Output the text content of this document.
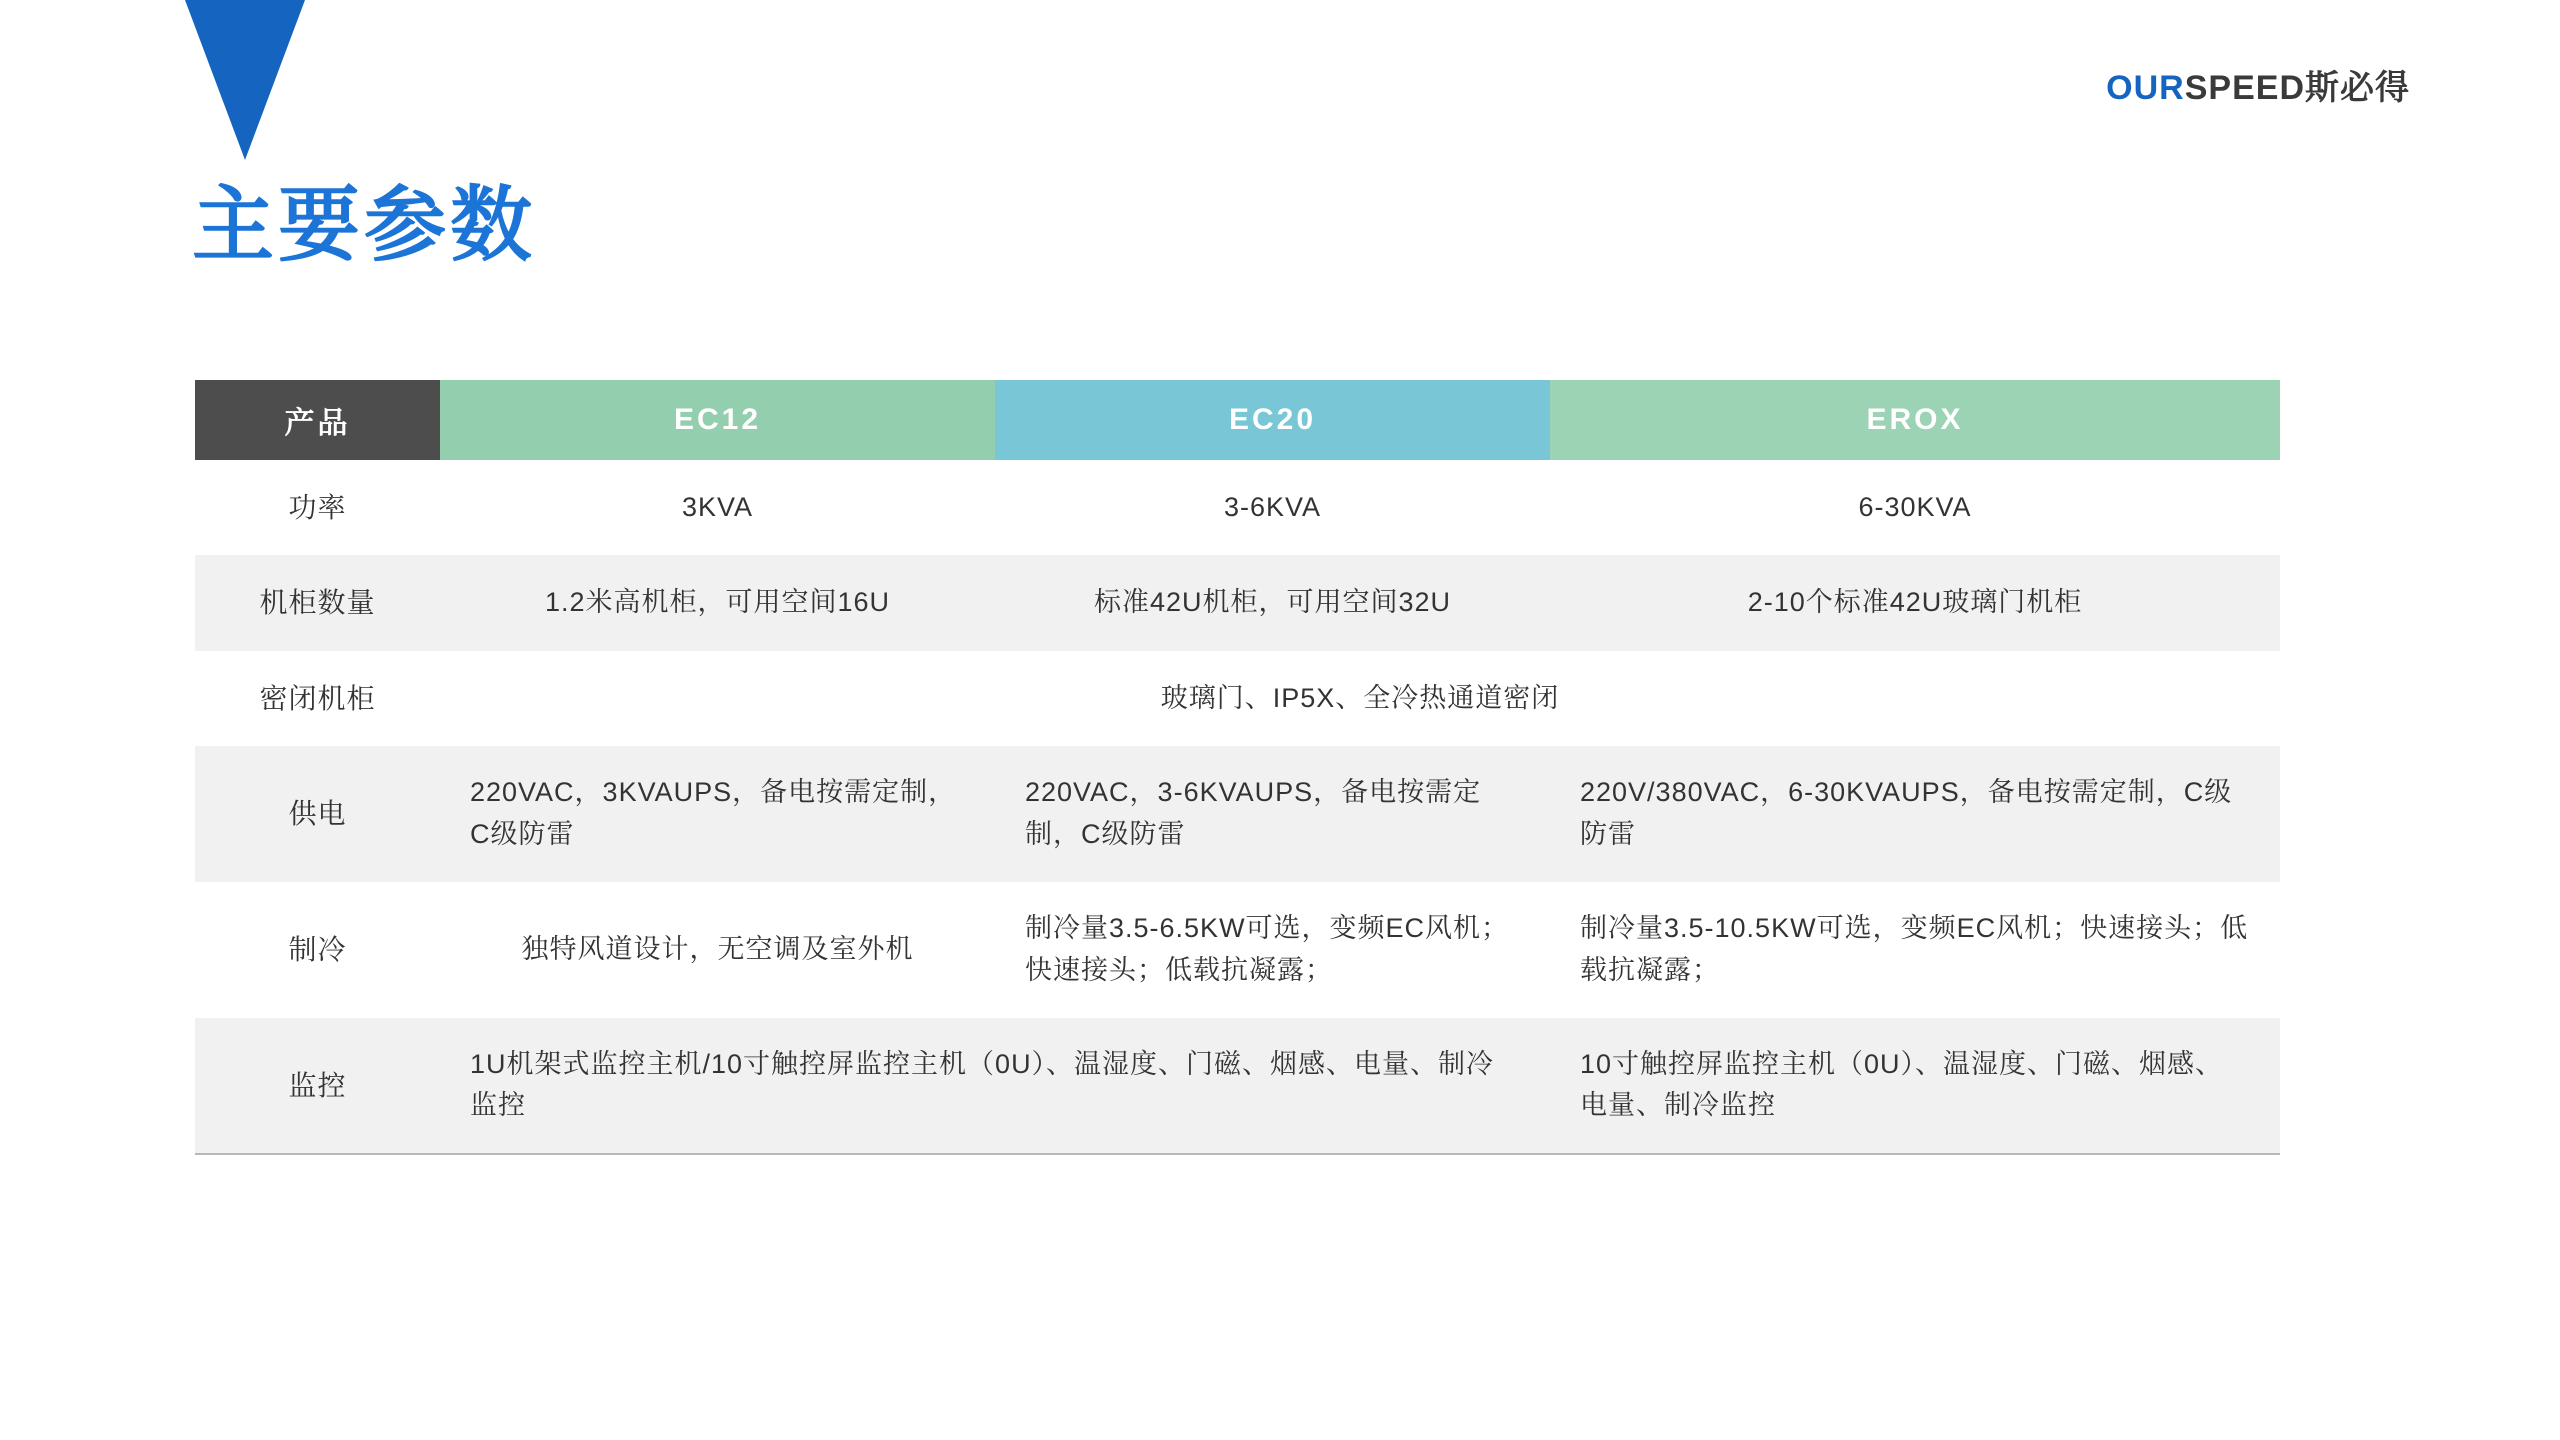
OURSPEED斯必得
主要参数
产品	EC12	EC20	EROX
功率	3KVA	3-6KVA	6-30KVA
机柜数量	1.2米高机柜，可用空间16U	标准42U机柜，可用空间32U	2-10个标准42U玻璃门机柜
密闭机柜	玻璃门、IP5X、全冷热通道密闭		
供电	220VAC，3KVAUPS，备电按需定制，C级防雷	220VAC，3-6KVAUPS，备电按需定制，C级防雷	220V/380VAC，6-30KVAUPS，备电按需定制，C级防雷
制冷	独特风道设计，无空调及室外机	制冷量3.5-6.5KW可选，变频EC风机；快速接头；低载抗凝露；	制冷量3.5-10.5KW可选，变频EC风机；快速接头；低载抗凝露；
监控	1U机架式监控主机/10寸触控屏监控主机（0U）、温湿度、门磁、烟感、电量、制冷监控		10寸触控屏监控主机（0U）、温湿度、门磁、烟感、电量、制冷监控
